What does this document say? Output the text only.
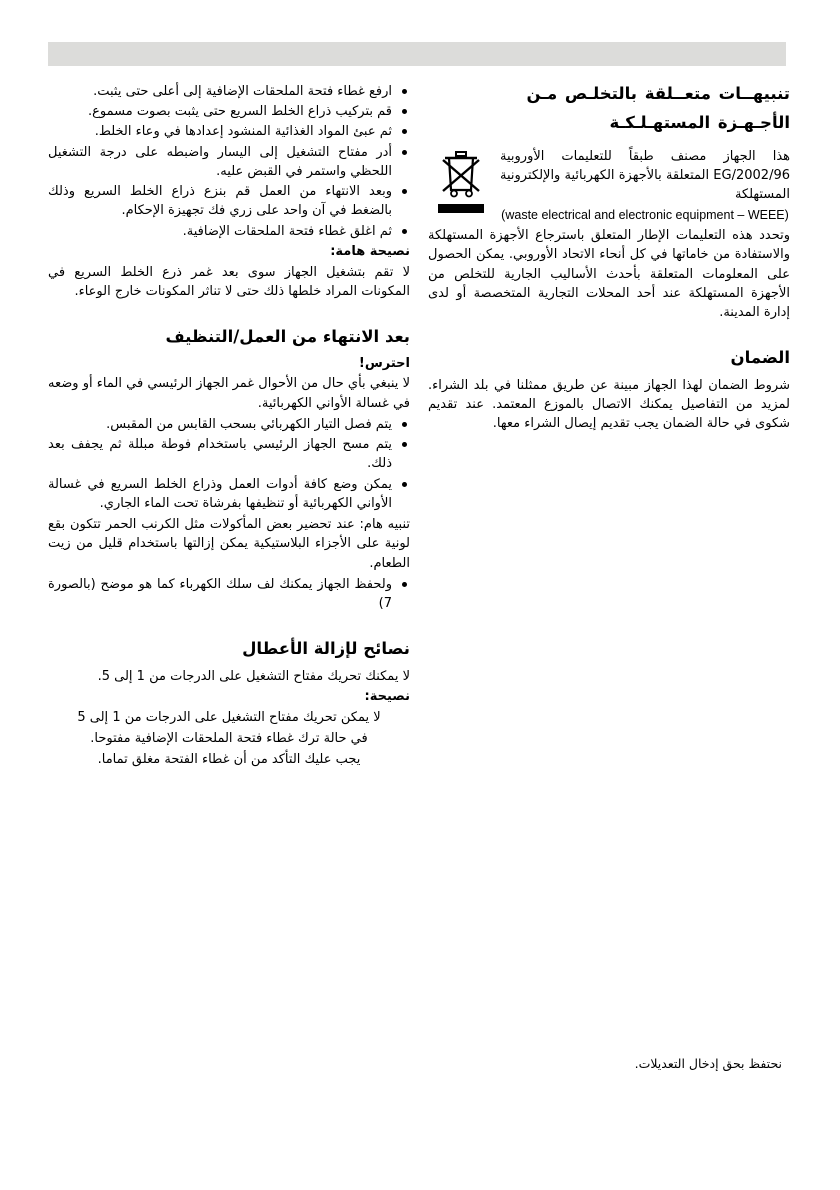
ارفع غطاء فتحة الملحقات الإضافية إلى أعلى حتى يثبت.
قم بتركيب ذراع الخلط السريع حتى يثبت بصوت مسموع.
ثم عبئ المواد الغذائية المنشود إعدادها في وعاء الخلط.
أدر مفتاح التشغيل إلى اليسار واضبطه على درجة التشغيل اللحظي واستمر في القبض عليه.
وبعد الانتهاء من العمل قم بنزع ذراع الخلط السريع وذلك بالضغط في آن واحد على زري فك تجهيزة الإحكام.
ثم اغلق غطاء فتحة الملحقات الإضافية.
نصيحة هامة:

لا تقم بتشغيل الجهاز سوى بعد غمر ذرع الخلط السريع في المكونات المراد خلطها ذلك حتى لا تناثر المكونات خارج الوعاء.

بعد الانتهاء من العمل/التنظيف
احترس!

لا ينبغي بأي حال من الأحوال غمر الجهاز الرئيسي في الماء أو وضعه في غسالة الأواني الكهربائية.

يتم فصل التيار الكهربائي بسحب القابس من المقبس.
يتم مسح الجهاز الرئيسي باستخدام فوطة مبللة ثم يجفف بعد ذلك.
يمكن وضع كافة أدوات العمل وذراع الخلط السريع في غسالة الأواني الكهربائية أو تنظيفها بفرشاة تحت الماء الجاري.

تنبيه هام: عند تحضير بعض المأكولات مثل الكرنب الحمر تتكون بقع لونية على الأجزاء البلاستيكية يمكن إزالتها باستخدام قليل من زيت الطعام.

ولحفظ الجهاز يمكنك لف سلك الكهرباء كما هو موضح (بالصورة 7)
نصائح لإزالة الأعطال

لا يمكنك تحريك مفتاح التشغيل على الدرجات من 1 إلى 5.

نصيحة:

لا يمكن تحريك مفتاح التشغيل على الدرجات من 1 إلى 5

في حالة ترك غطاء فتحة الملحقات الإضافية مفتوحا.

يجب عليك التأكد من أن غطاء الفتحة مغلق تماما.

تنبيهــات متعــلقة بالتخلـص مـن
الأجـهـزة المستهـلـكـة

هذا الجهاز مصنف طبقاً للتعليمات الأوروبية 2002/96/EG المتعلقة بالأجهزة الكهربائية والإلكترونية المستهلكة

(waste electrical and electronic equipment – WEEE)

وتحدد هذه التعليمات الإطار المتعلق باسترجاع الأجهزة المستهلكة والاستفادة من خاماتها في كل أنحاء الاتحاد الأوروبي. يمكن الحصول على المعلومات المتعلقة بأحدث الأساليب الجارية للتخلص من الأجهزة المستهلكة عند أحد المحلات التجارية المتخصصة أو لدى إدارة المدينة.

الضمان

شروط الضمان لهذا الجهاز مبينة عن طريق ممثلنا في بلد الشراء. لمزيد من التفاصيل يمكنك الاتصال بالموزع المعتمد. عند تقديم شكوى في حالة الضمان يجب تقديم إيصال الشراء معها.

نحتفظ بحق إدخال التعديلات.
